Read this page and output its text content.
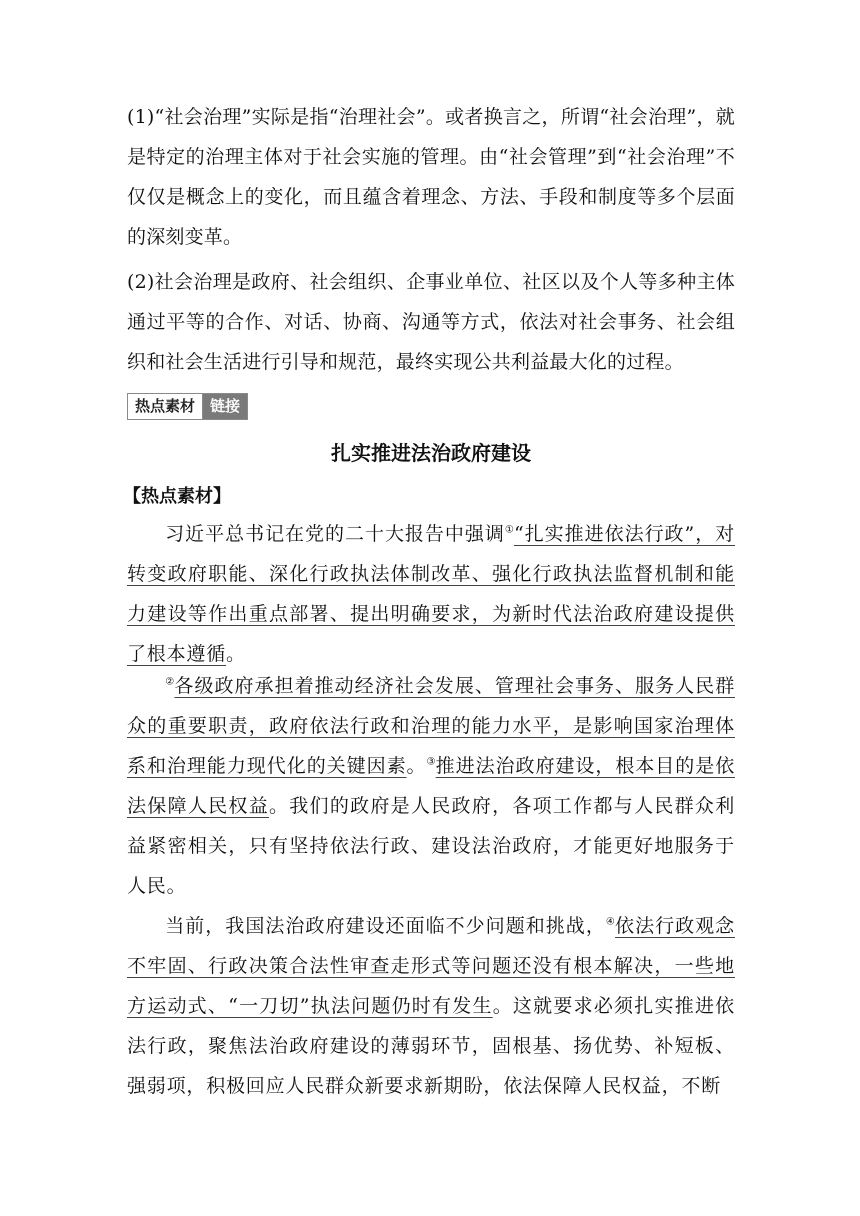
(1)“社会治理”实际是指“治理社会”。或者换言之，所谓“社会治理”，就是特定的治理主体对于社会实施的管理。由“社会管理”到“社会治理”不仅仅是概念上的变化，而且蕴含着理念、方法、手段和制度等多个层面的深刻变革。
(2)社会治理是政府、社会组织、企事业单位、社区以及个人等多种主体通过平等的合作、对话、协商、沟通等方式，依法对社会事务、社会组织和社会生活进行引导和规范，最终实现公共利益最大化的过程。
热点素材	链接
扎实推进法治政府建设
【热点素材】
习近平总书记在党的二十大报告中强调①“扎实推进依法行政”，对转变政府职能、深化行政执法体制改革、强化行政执法监督机制和能力建设等作出重点部署、提出明确要求，为新时代法治政府建设提供了根本遵循。
②各级政府承担着推动经济社会发展、管理社会事务、服务人民群众的重要职责，政府依法行政和治理的能力水平，是影响国家治理体系和治理能力现代化的关键因素。③推进法治政府建设，根本目的是依法保障人民权益。我们的政府是人民政府，各项工作都与人民群众利益紧密相关，只有坚持依法行政、建设法治政府，才能更好地服务于人民。
当前，我国法治政府建设还面临不少问题和挑战，④依法行政观念不牢固、行政决策合法性审查走形式等问题还没有根本解决，一些地方运动式、“一刀切”执法问题仍时有发生。这就要求必须扎实推进依法行政，聚焦法治政府建设的薄弱环节，固根基、扬优势、补短板、强弱项，积极回应人民群众新要求新期盼，依法保障人民权益，不断
